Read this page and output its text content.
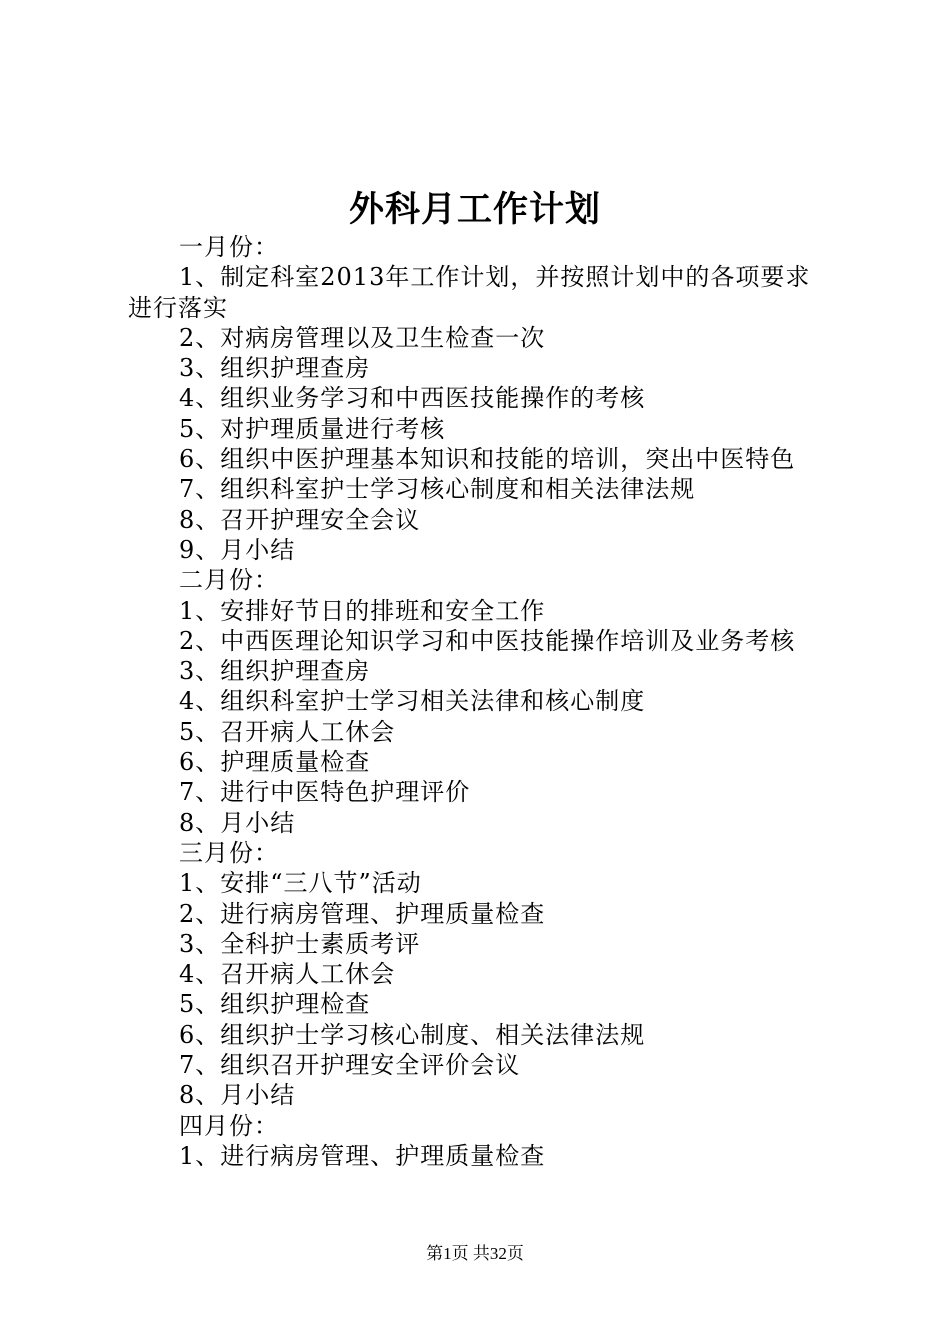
外科月工作计划
一月份：
1、制定科室2013年工作计划，并按照计划中的各项要求进行落实
2、对病房管理以及卫生检查一次
3、组织护理查房
4、组织业务学习和中西医技能操作的考核
5、对护理质量进行考核
6、组织中医护理基本知识和技能的培训，突出中医特色
7、组织科室护士学习核心制度和相关法律法规
8、召开护理安全会议
9、月小结
二月份：
1、安排好节日的排班和安全工作
2、中西医理论知识学习和中医技能操作培训及业务考核
3、组织护理查房
4、组织科室护士学习相关法律和核心制度
5、召开病人工休会
6、护理质量检查
7、进行中医特色护理评价
8、月小结
三月份：
1、安排“三八节”活动
2、进行病房管理、护理质量检查
3、全科护士素质考评
4、召开病人工休会
5、组织护理检查
6、组织护士学习核心制度、相关法律法规
7、组织召开护理安全评价会议
8、月小结
四月份：
1、进行病房管理、护理质量检查
第1页 共32页
